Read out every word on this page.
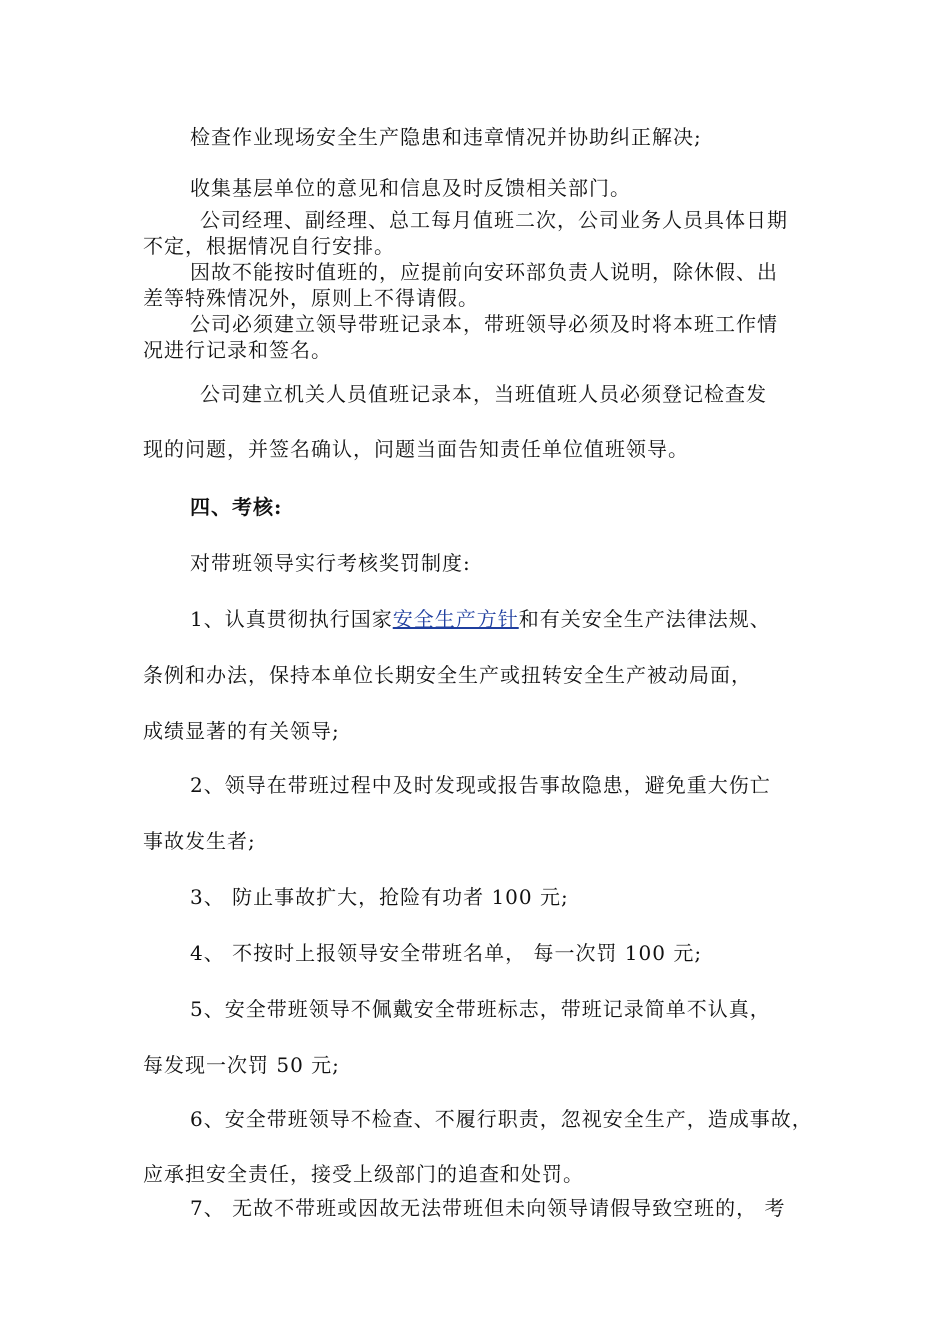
检查作业现场安全生产隐患和违章情况并协助纠正解决;
收集基层单位的意见和信息及时反馈相关部门。
公司经理、副经理、总工每月值班二次，公司业务人员具体日期
不定，根据情况自行安排。
因故不能按时值班的，应提前向安环部负责人说明，除休假、出
差等特殊情况外，原则上不得请假。
公司必须建立领导带班记录本，带班领导必须及时将本班工作情
况进行记录和签名。
公司建立机关人员值班记录本，当班值班人员必须登记检查发
现的问题，并签名确认，问题当面告知责任单位值班领导。
四、考核:
对带班领导实行考核奖罚制度:
1、认真贯彻执行国家安全生产方针和有关安全生产法律法规、
条例和办法，保持本单位长期安全生产或扭转安全生产被动局面，
成绩显著的有关领导;
2、领导在带班过程中及时发现或报告事故隐患，避免重大伤亡
事故发生者;
3、 防止事故扩大，抢险有功者 100 元;
4、 不按时上报领导安全带班名单， 每一次罚 100 元;
5、安全带班领导不佩戴安全带班标志，带班记录简单不认真，
每发现一次罚 50 元;
6、安全带班领导不检查、不履行职责，忽视安全生产，造成事故，
应承担安全责任，接受上级部门的追查和处罚。
7、 无故不带班或因故无法带班但未向领导请假导致空班的， 考
